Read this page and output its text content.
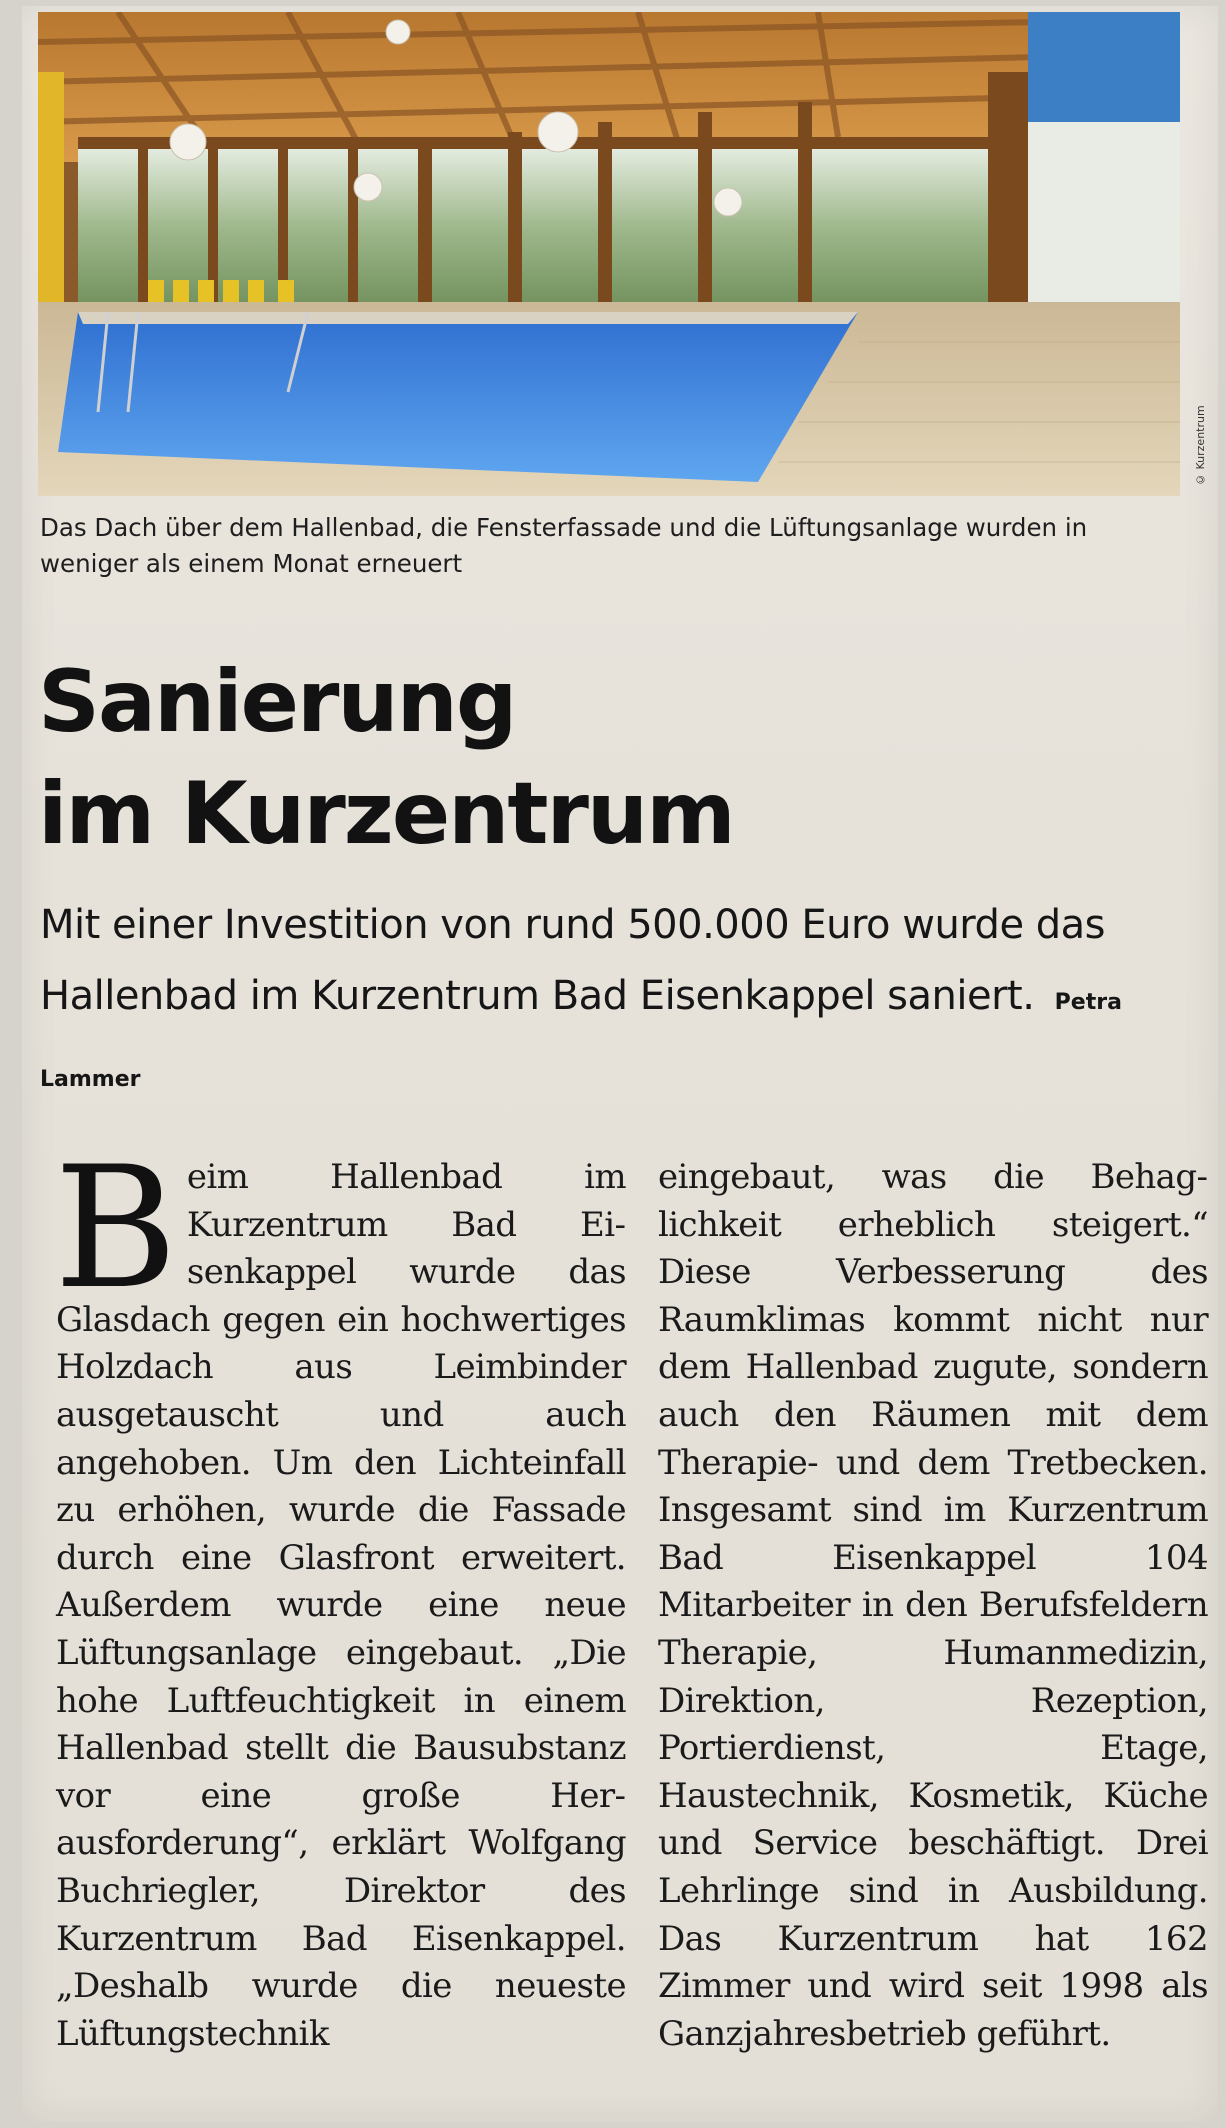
© Kurzentrum
Das Dach über dem Hallenbad, die Fensterfassade und die Lüftungsanlage wurden in weniger als einem Monat erneuert
Sanierung
im Kurzentrum
Mit einer Investition von rund 500.000 Euro wurde das Hallenbad im Kurzentrum Bad Eisenkappel saniert. Petra Lammer

Beim Hallenbad im Kurzentrum Bad Eisenkappel wurde das Glasdach gegen ein hochwertiges Holzdach aus Leimbinder ausgetauscht und auch angehoben. Um den Lichteinfall zu erhöhen, wurde die Fassade durch eine Glasfront erweitert. Außerdem wurde eine neue Lüftungsanlage eingebaut. „Die hohe Luftfeuchtigkeit in einem Hallenbad stellt die Bausubstanz vor eine große Herausforderung“, erklärt Wolfgang Buchriegler, Direktor des Kurzentrum Bad Eisenkappel. „Deshalb wurde die neueste Lüftungstechnik

eingebaut, was die Behaglichkeit erheblich steigert.“ Diese Verbesserung des Raumklimas kommt nicht nur dem Hallenbad zugute, sondern auch den Räumen mit dem Therapie- und dem Tretbecken. Insgesamt sind im Kurzentrum Bad Eisenkappel 104 Mitarbeiter in den Berufsfeldern Therapie, Humanmedizin, Direktion, Rezeption, Portierdienst, Etage, Haustechnik, Kosmetik, Küche und Service beschäftigt. Drei Lehrlinge sind in Ausbildung. Das Kurzentrum hat 162 Zimmer und wird seit 1998 als Ganzjahresbetrieb geführt.
